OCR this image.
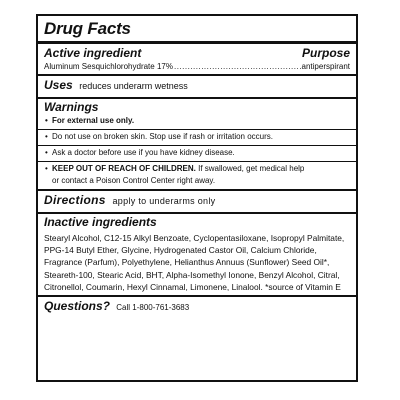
Drug Facts
Active ingredient	Purpose
Aluminum Sesquichlorohydrate 17%
.....	antiperspirant
Uses reduces underarm wetness
Warnings
• For external use only.
• Do not use on broken skin. Stop use if rash or irritation occurs.
• Ask a doctor before use if you have kidney disease.
• KEEP OUT OF REACH OF CHILDREN. If swallowed, get medical help
or contact a Poison Control Center right away.
Directions apply to underarms only
Inactive ingredients
Stearyl Alcohol, C12-15 Alkyl Benzoate, Cyclopentasiloxane, Isopropyl Palmitate, PPG-14 Butyl Ether, Glycine, Hydrogenated Castor Oil, Calcium Chloride, Fragrance (Parfum), Polyethylene, Helianthus Annuus (Sunflower) Seed Oil*, Steareth-100, Stearic Acid, BHT, Alpha-Isomethyl Ionone, Benzyl Alcohol, Citral, Citronellol, Coumarin, Hexyl Cinnamal, Limonene, Linalool. *source of Vitamin E
Questions? Call 1-800-761-3683
